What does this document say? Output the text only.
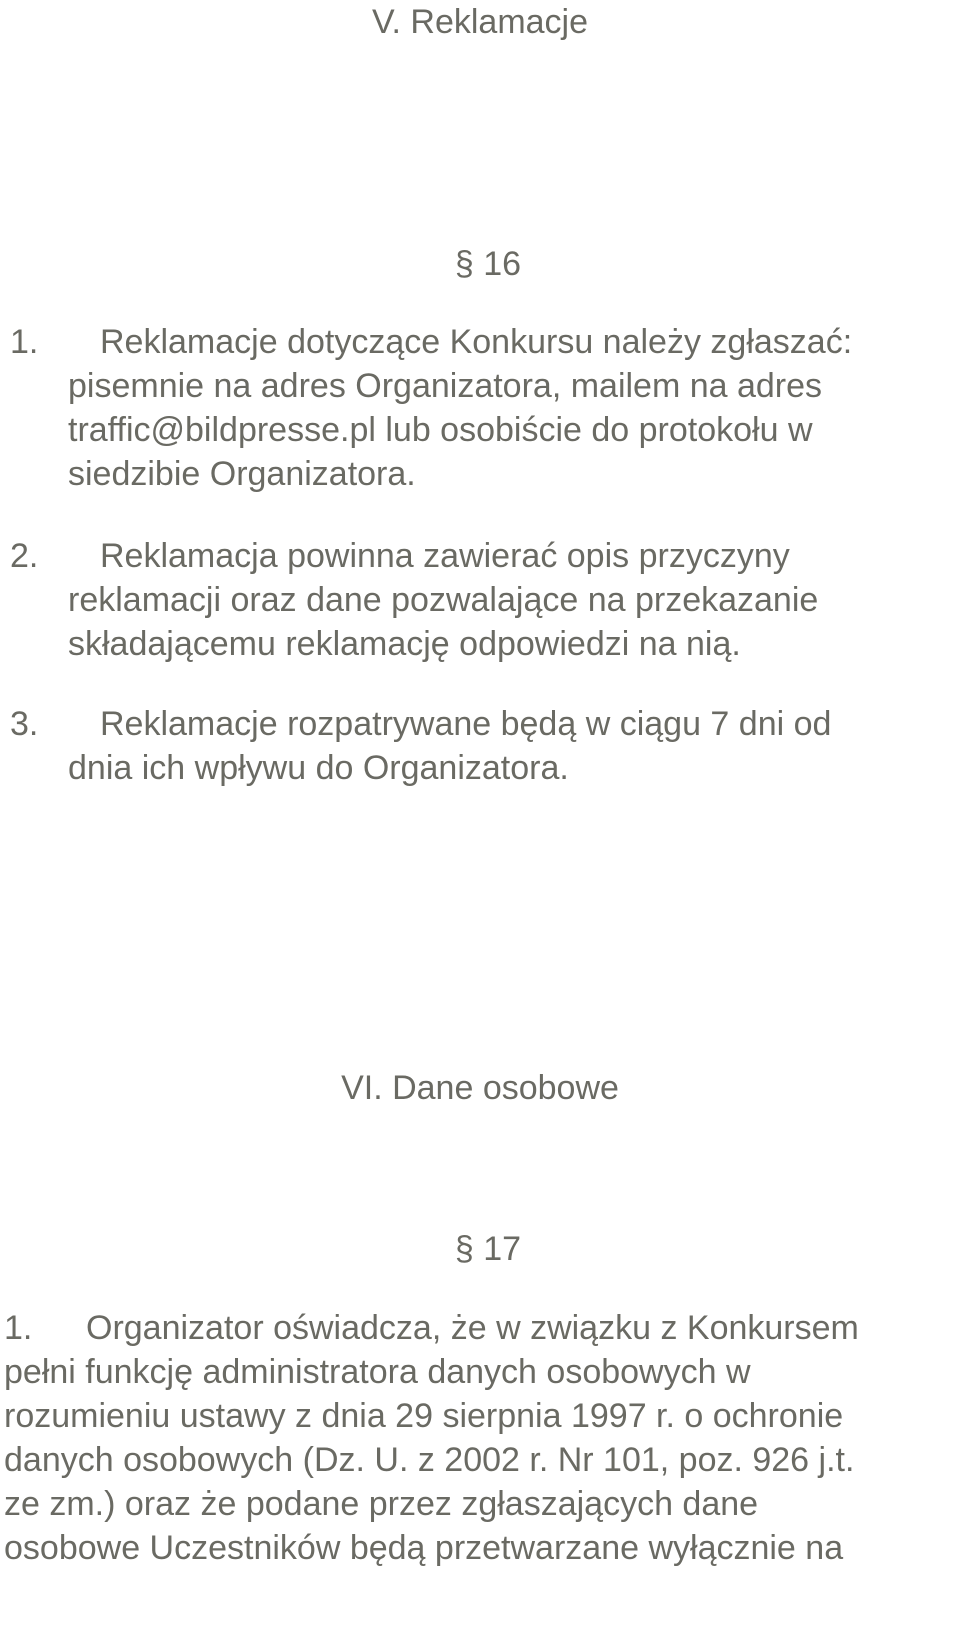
V. Reklamacje
§ 16
1. Reklamacje dotyczące Konkursu należy zgłaszać:
pisemnie na adres Organizatora, mailem na adres
traffic@bildpresse.pl lub osobiście do protokołu w
siedzibie Organizatora.
2. Reklamacja powinna zawierać opis przyczyny
reklamacji oraz dane pozwalające na przekazanie
składającemu reklamację odpowiedzi na nią.
3. Reklamacje rozpatrywane będą w ciągu 7 dni od
dnia ich wpływu do Organizatora.
VI. Dane osobowe
§ 17
1. Organizator oświadcza, że w związku z Konkursem
pełni funkcję administratora danych osobowych w
rozumieniu ustawy z dnia 29 sierpnia 1997 r. o ochronie
danych osobowych (Dz. U. z 2002 r. Nr 101, poz. 926 j.t.
ze zm.) oraz że podane przez zgłaszających dane
osobowe Uczestników będą przetwarzane wyłącznie na
